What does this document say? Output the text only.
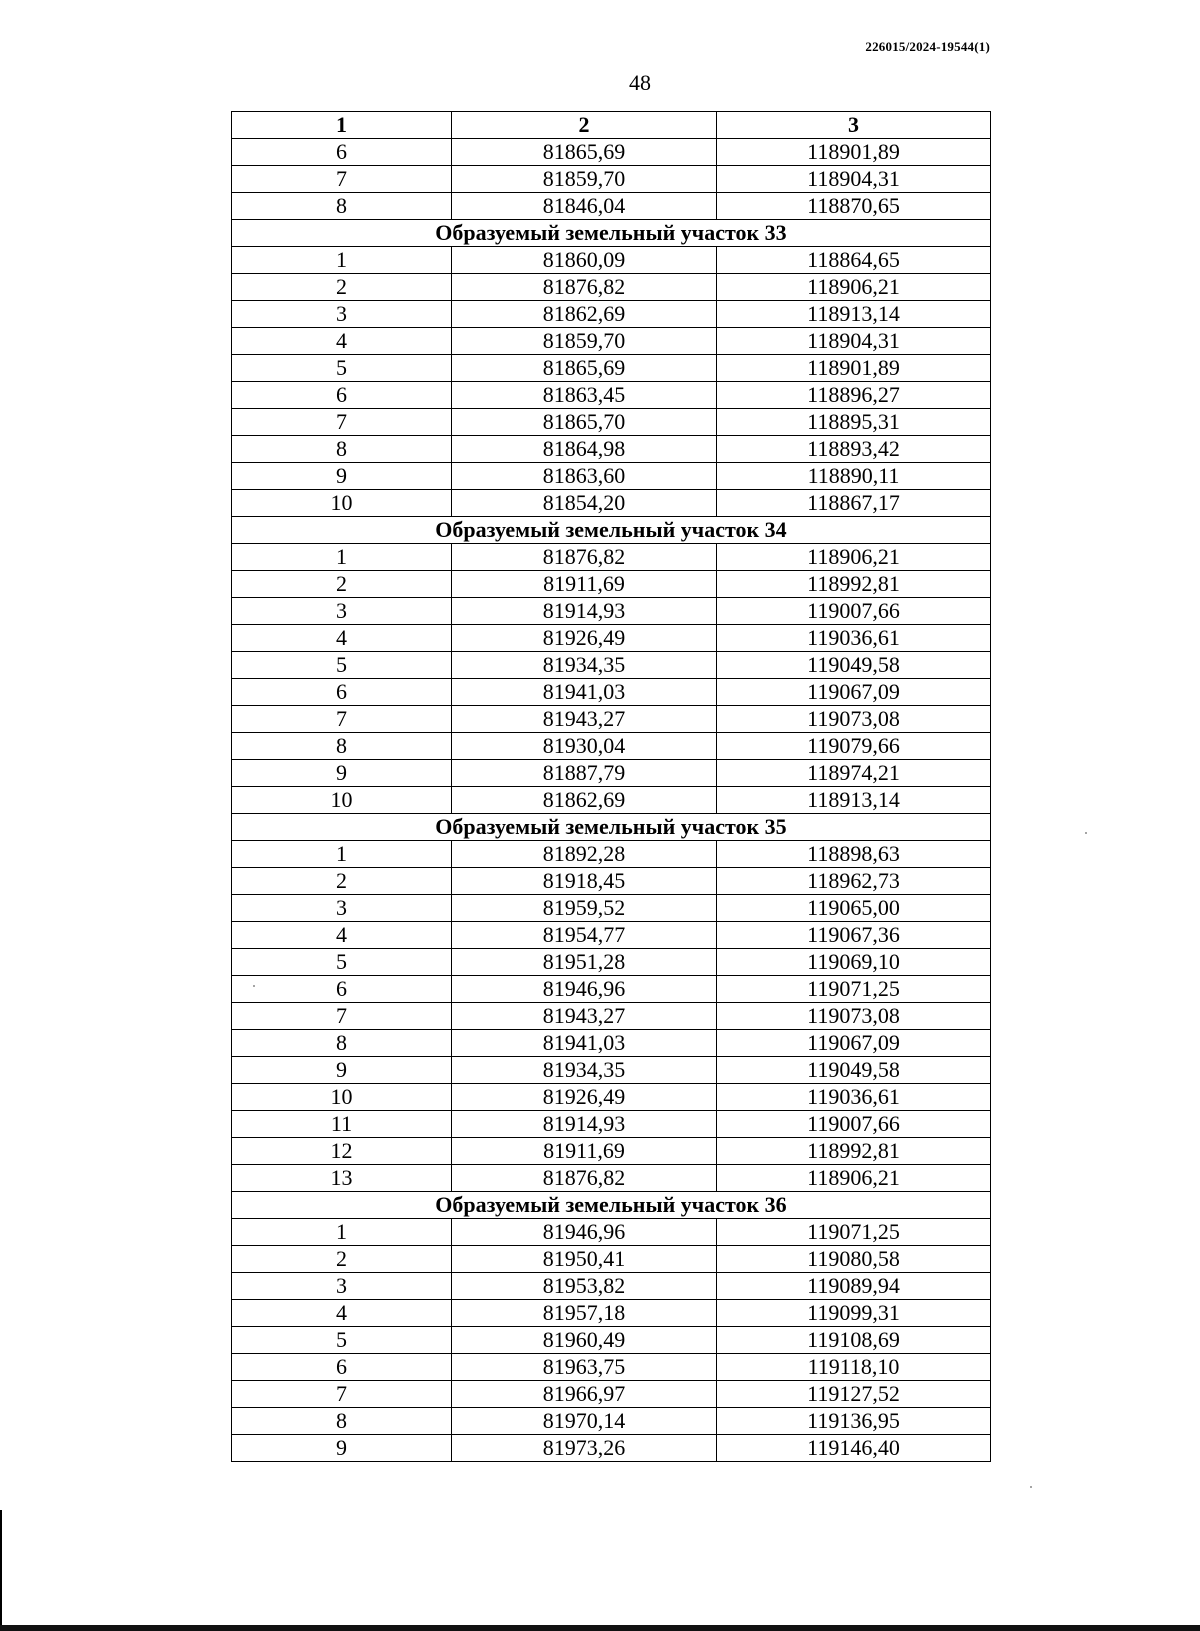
226015/2024-19544(1)
48
1	2	3
6	81865,69	118901,89
7	81859,70	118904,31
8	81846,04	118870,65
Образуемый земельный участок 33		
1	81860,09	118864,65
2	81876,82	118906,21
3	81862,69	118913,14
4	81859,70	118904,31
5	81865,69	118901,89
6	81863,45	118896,27
7	81865,70	118895,31
8	81864,98	118893,42
9	81863,60	118890,11
10	81854,20	118867,17
Образуемый земельный участок 34		
1	81876,82	118906,21
2	81911,69	118992,81
3	81914,93	119007,66
4	81926,49	119036,61
5	81934,35	119049,58
6	81941,03	119067,09
7	81943,27	119073,08
8	81930,04	119079,66
9	81887,79	118974,21
10	81862,69	118913,14
Образуемый земельный участок 35		
1	81892,28	118898,63
2	81918,45	118962,73
3	81959,52	119065,00
4	81954,77	119067,36
5	81951,28	119069,10
6	81946,96	119071,25
7	81943,27	119073,08
8	81941,03	119067,09
9	81934,35	119049,58
10	81926,49	119036,61
11	81914,93	119007,66
12	81911,69	118992,81
13	81876,82	118906,21
Образуемый земельный участок 36		
1	81946,96	119071,25
2	81950,41	119080,58
3	81953,82	119089,94
4	81957,18	119099,31
5	81960,49	119108,69
6	81963,75	119118,10
7	81966,97	119127,52
8	81970,14	119136,95
9	81973,26	119146,40
